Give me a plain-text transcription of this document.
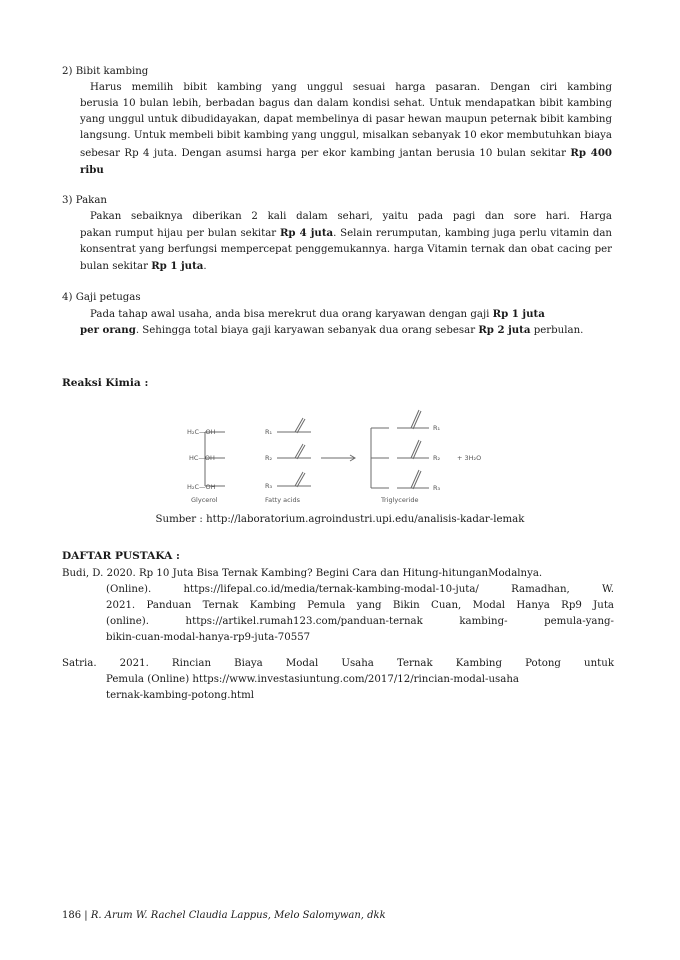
2) Bibit kambing
Harus memilih bibit kambing yang unggul sesuai harga pasaran. Dengan ciri kambing
berusia 10 bulan lebih, berbadan bagus dan dalam kondisi sehat. Untuk mendapatkan bibit kambing yang unggul untuk dibudidayakan, dapat membelinya di pasar hewan maupun peternak bibit kambing langsung. Untuk membeli bibit kambing yang unggul, misalkan sebanyak 10 ekor membutuhkan biaya sebesar Rp 4 juta. Dengan asumsi harga per ekor kambing jantan berusia 10 bulan sekitar Rp 400 ribu
3) Pakan
Pakan sebaiknya diberikan 2 kali dalam sehari, yaitu pada pagi dan sore hari. Harga
pakan rumput hijau per bulan sekitar Rp 4 juta. Selain rerumputan, kambing juga perlu vitamin dan konsentrat yang berfungsi mempercepat penggemukannya. harga Vitamin ternak dan obat cacing per bulan sekitar Rp 1 juta.
4) Gaji petugas
Pada tahap awal usaha, anda bisa merekrut dua orang karyawan dengan gaji Rp 1 juta
per orang. Sehingga total biaya gaji karyawan sebanyak dua orang sebesar Rp 2 juta perbulan.
Reaksi Kimia :
H₂C—OH
HC—OH
H₂C—OH
R₁
R₂
R₃
R₁
R₂
R₃
+ 3H₂O
Glycerol	Fatty acids	Triglyceride
Sumber : http://laboratorium.agroindustri.upi.edu/analisis-kadar-lemak
DAFTAR PUSTAKA :
Budi, D. 2020. Rp 10 Juta Bisa Ternak Kambing? Begini Cara dan Hitung-hitunganModalnya.
(Online). https://lifepal.co.id/media/ternak-kambing-modal-10-juta/ Ramadhan, W.
2021. Panduan Ternak Kambing Pemula yang Bikin Cuan, Modal Hanya Rp9 Juta
(online). https://artikel.rumah123.com/panduan-ternak kambing- pemula-yang-
bikin-cuan-modal-hanya-rp9-juta-70557
Satria. 2021. Rincian Biaya Modal Usaha Ternak Kambing Potong untuk
Pemula (Online) https://www.investasiuntung.com/2017/12/rincian-modal-usaha
ternak-kambing-potong.html
186 | R. Arum W. Rachel Claudia Lappus, Melo Salomywan, dkk
